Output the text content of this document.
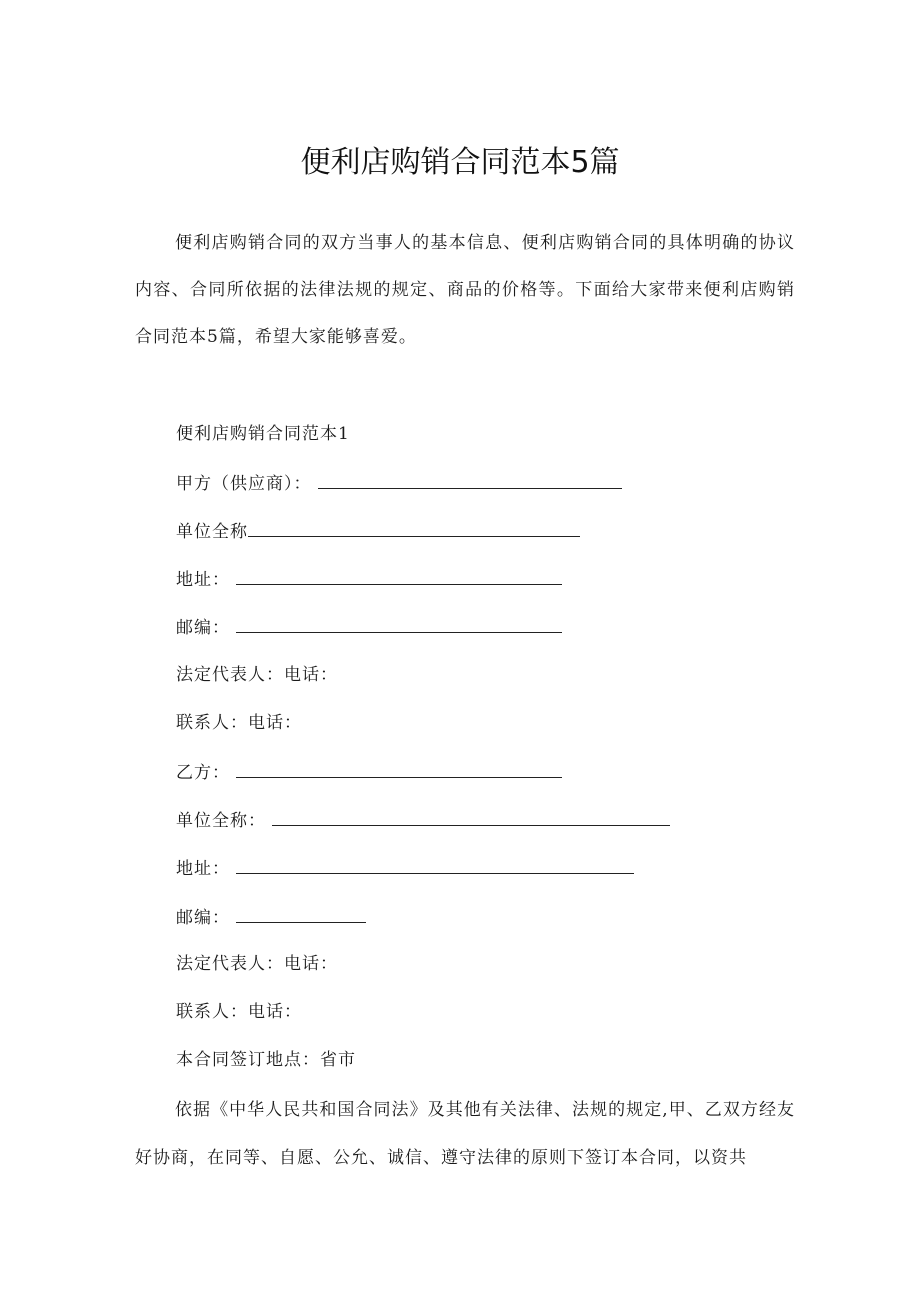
便利店购销合同范本5篇
便利店购销合同的双方当事人的基本信息、便利店购销合同的具体明确的协议内容、合同所依据的法律法规的规定、商品的价格等。下面给大家带来便利店购销合同范本5篇，希望大家能够喜爱。
便利店购销合同范本1
甲方（供应商）：
单位全称
地址：
邮编：
法定代表人：电话：
联系人：电话：
乙方：
单位全称：
地址：
邮编：
法定代表人：电话：
联系人：电话：
本合同签订地点：省市
依据《中华人民共和国合同法》及其他有关法律、法规的规定,甲、乙双方经友好协商，在同等、自愿、公允、诚信、遵守法律的原则下签订本合同，以资共
